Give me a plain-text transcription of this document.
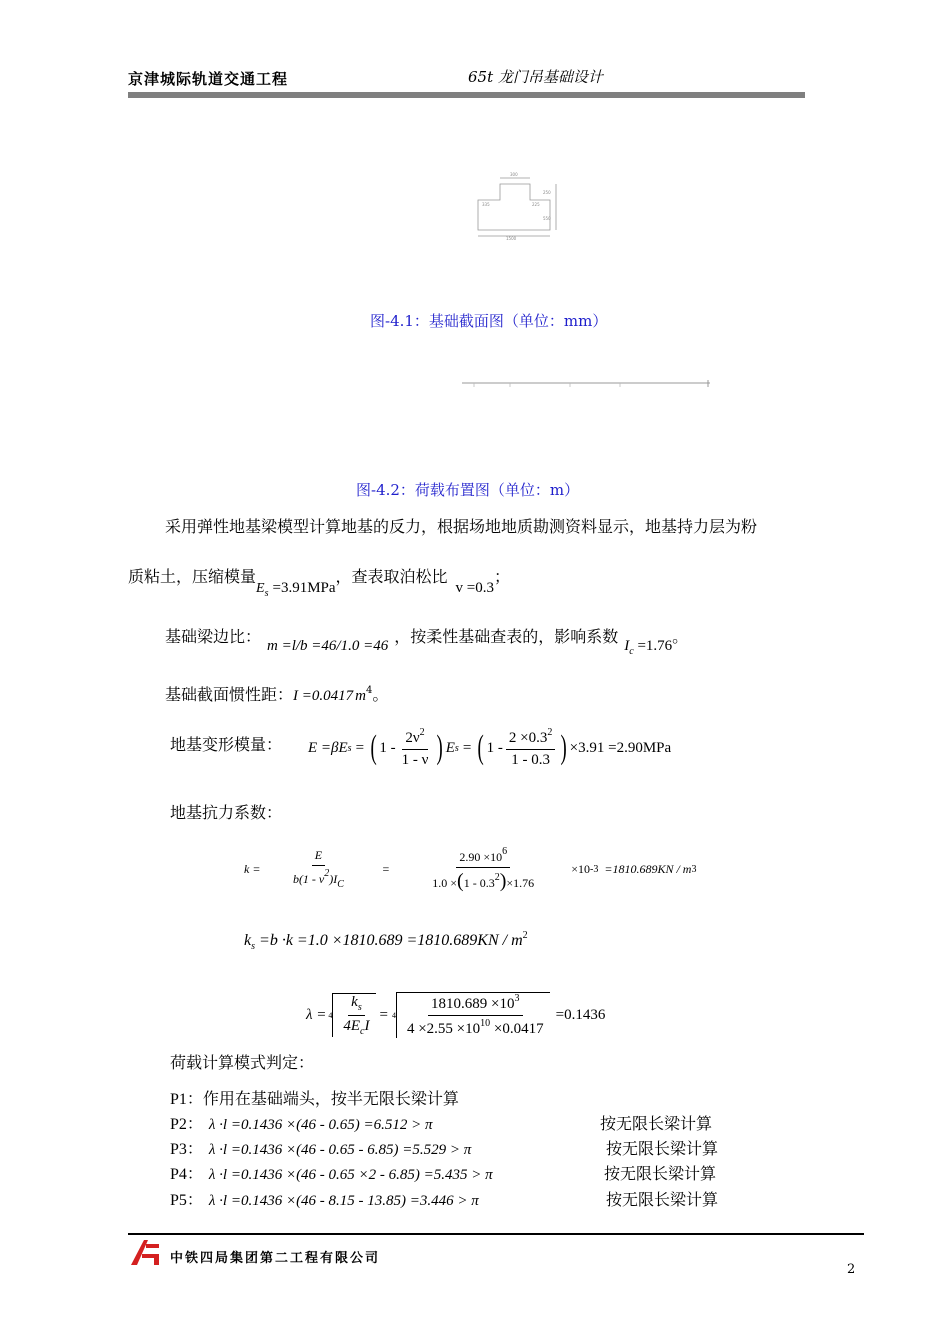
京津城际轨道交通工程	65t 龙门吊基础设计
300
335	225
1500
550
250
图-4.1：基础截面图（单位：mm）
图-4.2：荷载布置图（单位：m）
采用弹性地基梁模型计算地基的反力，根据场地地质勘测资料显示，地基持力层为粉
质粘土，压缩模量$E_s =3.91MPa$，查表取泊松比v =0.3；
基础梁边比： m =l/b =46/1.0 =46 ，按柔性基础查表的，影响系数 $I_c =1.76$。
基础截面惯性距：I =0.0417 $m^4$。
地基变形模量： E =βE s = ( $1 - \frac{2\nu^2}{1 - \nu}$ ) E s = ( $1 - \frac{2 \times 0.3^2}{1 - 0.3}$ ) ×3.91 =2.90MPa
地基抗力系数：
$k = \frac{E}{b(1 - \nu^2)I_C} = \frac{2.90 \times 10^6}{1.0 \times(1 - 0.3^2)\times 1.76} \times 10$ -3 =1810.689KN / m 3
$k_s =b \cdot k =1.0 \times 1810.689 =1810.689KN / m^2$
$\lambda = 4 \frac{k_s}{4E_cI} = 4 \frac{1810.689 \times 10^3}{4 \times 2.55 \times 10^{10} \times 0.0417} =0.1436$
荷载计算模式判定：
P1：作用在基础端头，按半无限长梁计算
P2： λ ·l =0.1436 ×(46 - 0.65) =6.512 > π	按无限长梁计算
P3： λ ·l =0.1436 ×(46 - 0.65 - 6.85) =5.529 > π	按无限长梁计算
P4： λ ·l =0.1436 ×(46 - 0.65 ×2 - 6.85) =5.435 > π	按无限长梁计算
P5： λ ·l =0.1436 ×(46 - 8.15 - 13.85) =3.446 > π	按无限长梁计算
中铁四局集团第二工程有限公司
2
